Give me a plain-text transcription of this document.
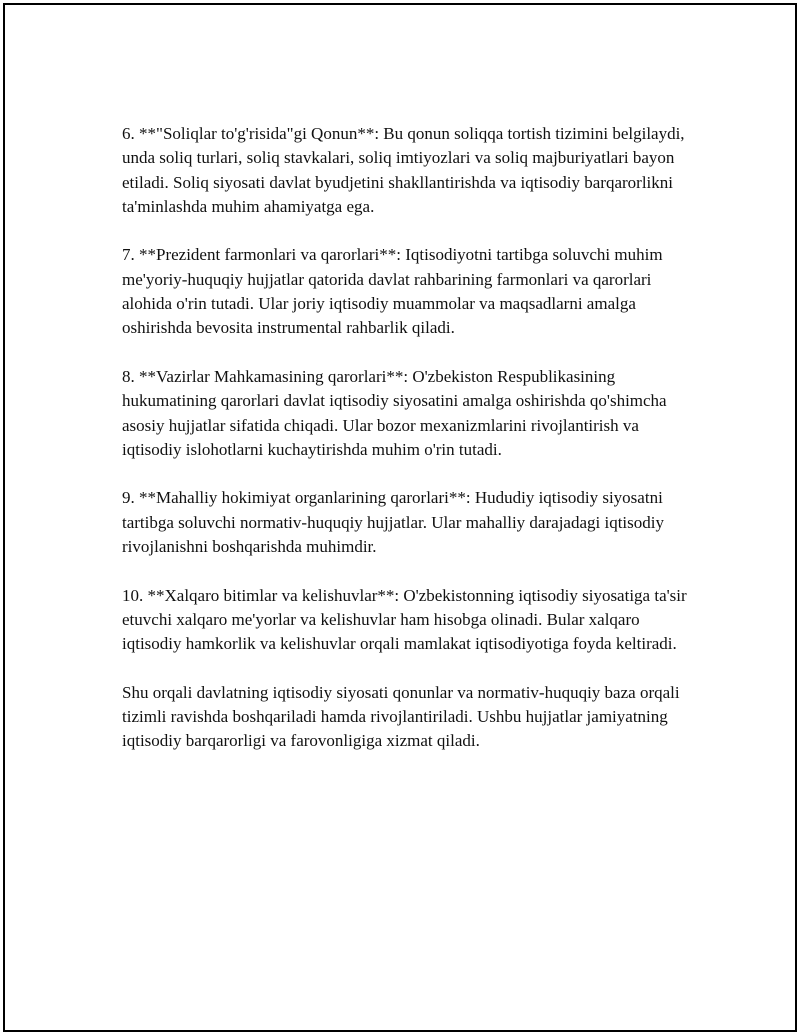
6. **"Soliqlar to'g'risida"gi Qonun**: Bu qonun soliqqa tortish tizimini belgilaydi, unda soliq turlari, soliq stavkalari, soliq imtiyozlari va soliq majburiyatlari bayon etiladi. Soliq siyosati davlat byudjetini shakllantirishda va iqtisodiy barqarorlikni ta'minlashda muhim ahamiyatga ega.

7. **Prezident farmonlari va qarorlari**: Iqtisodiyotni tartibga soluvchi muhim me'yoriy-huquqiy hujjatlar qatorida davlat rahbarining farmonlari va qarorlari alohida o'rin tutadi. Ular joriy iqtisodiy muammolar va maqsadlarni amalga oshirishda bevosita instrumental rahbarlik qiladi.

8. **Vazirlar Mahkamasining qarorlari**: O'zbekiston Respublikasining hukumatining qarorlari davlat iqtisodiy siyosatini amalga oshirishda qo'shimcha asosiy hujjatlar sifatida chiqadi. Ular bozor mexanizmlarini rivojlantirish va iqtisodiy islohotlarni kuchaytirishda muhim o'rin tutadi.

9. **Mahalliy hokimiyat organlarining qarorlari**: Hududiy iqtisodiy siyosatni tartibga soluvchi normativ-huquqiy hujjatlar. Ular mahalliy darajadagi iqtisodiy rivojlanishni boshqarishda muhimdir.

10. **Xalqaro bitimlar va kelishuvlar**: O'zbekistonning iqtisodiy siyosatiga ta'sir etuvchi xalqaro me'yorlar va kelishuvlar ham hisobga olinadi. Bular xalqaro iqtisodiy hamkorlik va kelishuvlar orqali mamlakat iqtisodiyotiga foyda keltiradi.

Shu orqali davlatning iqtisodiy siyosati qonunlar va normativ-huquqiy baza orqali tizimli ravishda boshqariladi hamda rivojlantiriladi. Ushbu hujjatlar jamiyatning iqtisodiy barqarorligi va farovonligiga xizmat qiladi.
